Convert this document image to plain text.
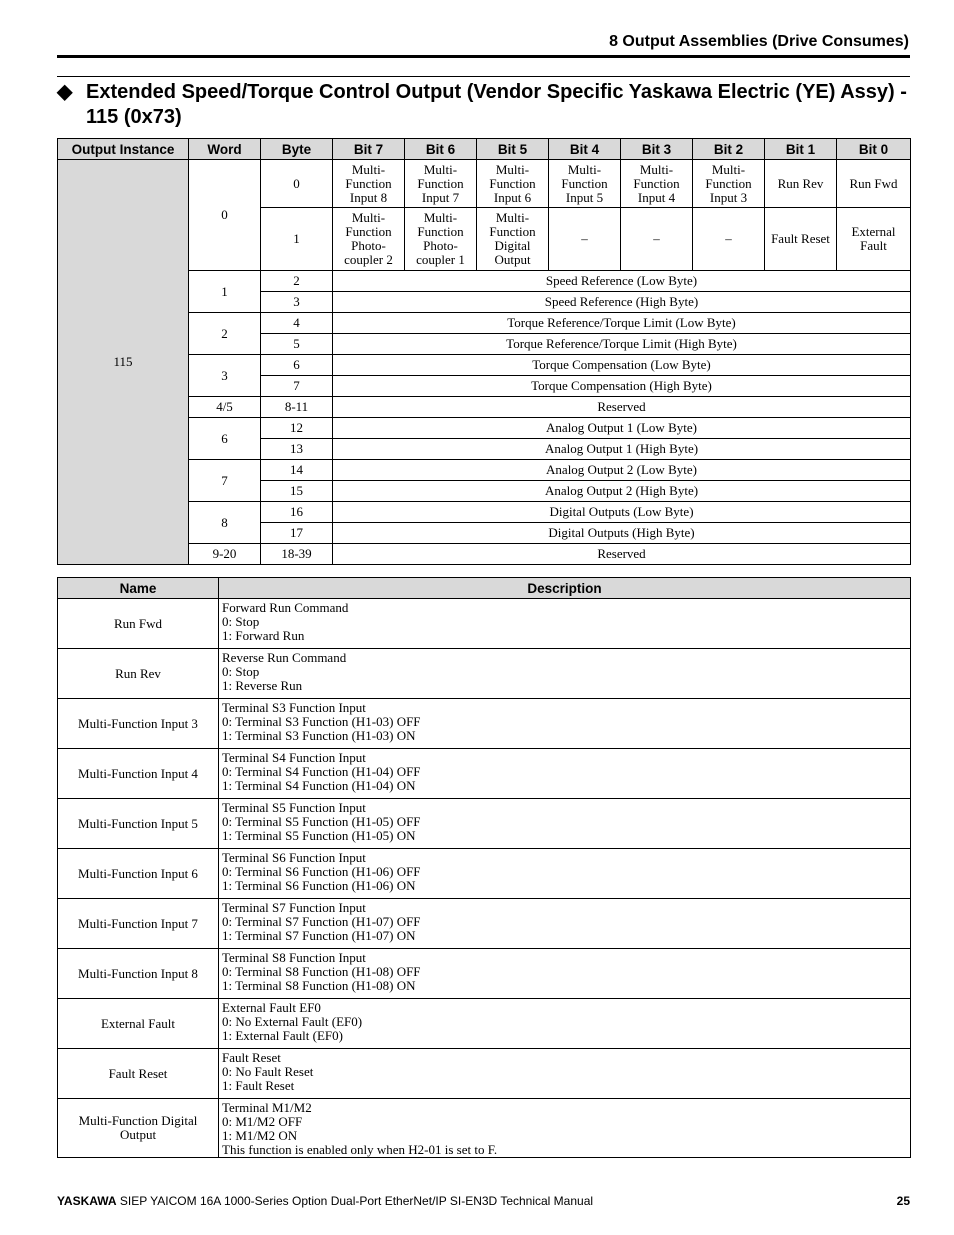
8 Output Assemblies (Drive Consumes)
◆ Extended Speed/Torque Control Output (Vendor Specific Yaskawa Electric (YE) Assy) - 115 (0x73)
Output Instance	Word	Byte	Bit 7	Bit 6	Bit 5	Bit 4	Bit 3	Bit 2	Bit 1	Bit 0
115	0	0	Multi-Function Input 8	Multi-Function Input 7	Multi-Function Input 6	Multi-Function Input 5	Multi-Function Input 4	Multi-Function Input 3	Run Rev	Run Fwd
		1	Multi-Function Photo-coupler 2	Multi-Function Photo-coupler 1	Multi-Function Digital Output	–	–	–	Fault Reset	External Fault
	1	2	Speed Reference (Low Byte)							
		3	Speed Reference (High Byte)							
	2	4	Torque Reference/Torque Limit (Low Byte)							
		5	Torque Reference/Torque Limit (High Byte)							
	3	6	Torque Compensation (Low Byte)							
		7	Torque Compensation (High Byte)							
	4/5	8-11	Reserved							
	6	12	Analog Output 1 (Low Byte)							
		13	Analog Output 1 (High Byte)							
	7	14	Analog Output 2 (Low Byte)							
		15	Analog Output 2 (High Byte)							
	8	16	Digital Outputs (Low Byte)							
		17	Digital Outputs (High Byte)							
	9-20	18-39	Reserved							
Name	Description
Run Fwd	Forward Run Command
0: Stop
1: Forward Run

Run Rev	Reverse Run Command
0: Stop
1: Reverse Run

Multi-Function Input 3	Terminal S3 Function Input
0: Terminal S3 Function (H1-03) OFF
1: Terminal S3 Function (H1-03) ON

Multi-Function Input 4	Terminal S4 Function Input
0: Terminal S4 Function (H1-04) OFF
1: Terminal S4 Function (H1-04) ON

Multi-Function Input 5	Terminal S5 Function Input
0: Terminal S5 Function (H1-05) OFF
1: Terminal S5 Function (H1-05) ON

Multi-Function Input 6	Terminal S6 Function Input
0: Terminal S6 Function (H1-06) OFF
1: Terminal S6 Function (H1-06) ON

Multi-Function Input 7	Terminal S7 Function Input
0: Terminal S7 Function (H1-07) OFF
1: Terminal S7 Function (H1-07) ON

Multi-Function Input 8	Terminal S8 Function Input
0: Terminal S8 Function (H1-08) OFF
1: Terminal S8 Function (H1-08) ON

External Fault	External Fault EF0
0: No External Fault (EF0)
1: External Fault (EF0)

Fault Reset	Fault Reset
0: No Fault Reset
1: Fault Reset

Multi-Function Digital Output	Terminal M1/M2
0: M1/M2 OFF
1: M1/M2 ON
This function is enabled only when H2-01 is set to F.
YASKAWA SIEP YAICOM 16A 1000-Series Option Dual-Port EtherNet/IP SI-EN3D Technical Manual	25
